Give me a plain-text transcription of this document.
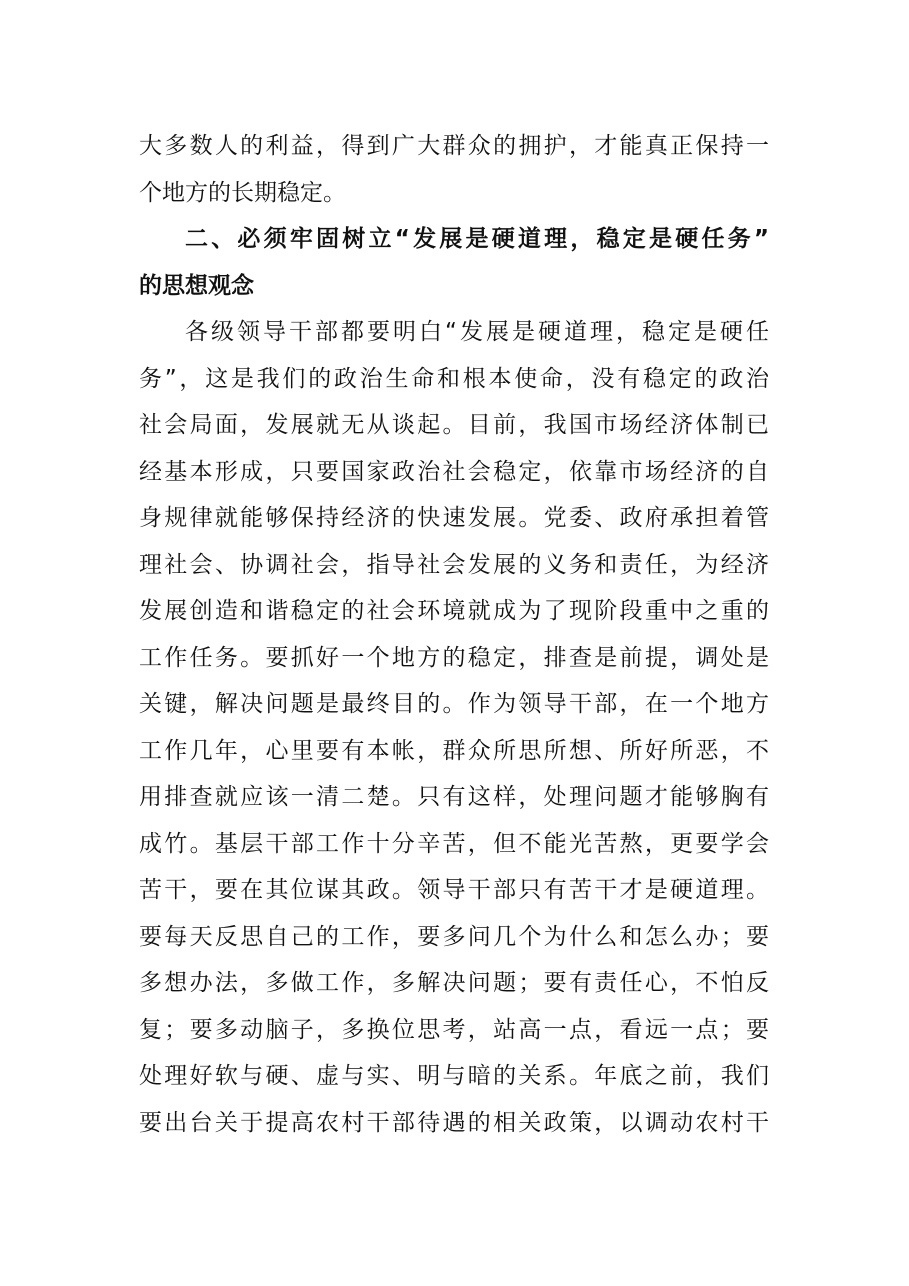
大多数人的利益，得到广大群众的拥护，才能真正保持一
个地方的长期稳定。
二、必须牢固树立“发展是硬道理，稳定是硬任务”
的思想观念
各级领导干部都要明白“发展是硬道理，稳定是硬任
务”，这是我们的政治生命和根本使命，没有稳定的政治
社会局面，发展就无从谈起。目前，我国市场经济体制已
经基本形成，只要国家政治社会稳定，依靠市场经济的自
身规律就能够保持经济的快速发展。党委、政府承担着管
理社会、协调社会，指导社会发展的义务和责任，为经济
发展创造和谐稳定的社会环境就成为了现阶段重中之重的
工作任务。要抓好一个地方的稳定，排查是前提，调处是
关键，解决问题是最终目的。作为领导干部，在一个地方
工作几年，心里要有本帐，群众所思所想、所好所恶，不
用排查就应该一清二楚。只有这样，处理问题才能够胸有
成竹。基层干部工作十分辛苦，但不能光苦熬，更要学会
苦干，要在其位谋其政。领导干部只有苦干才是硬道理。
要每天反思自己的工作，要多问几个为什么和怎么办；要
多想办法，多做工作，多解决问题；要有责任心，不怕反
复；要多动脑子，多换位思考，站高一点，看远一点；要
处理好软与硬、虚与实、明与暗的关系。年底之前，我们
要出台关于提高农村干部待遇的相关政策，以调动农村干
